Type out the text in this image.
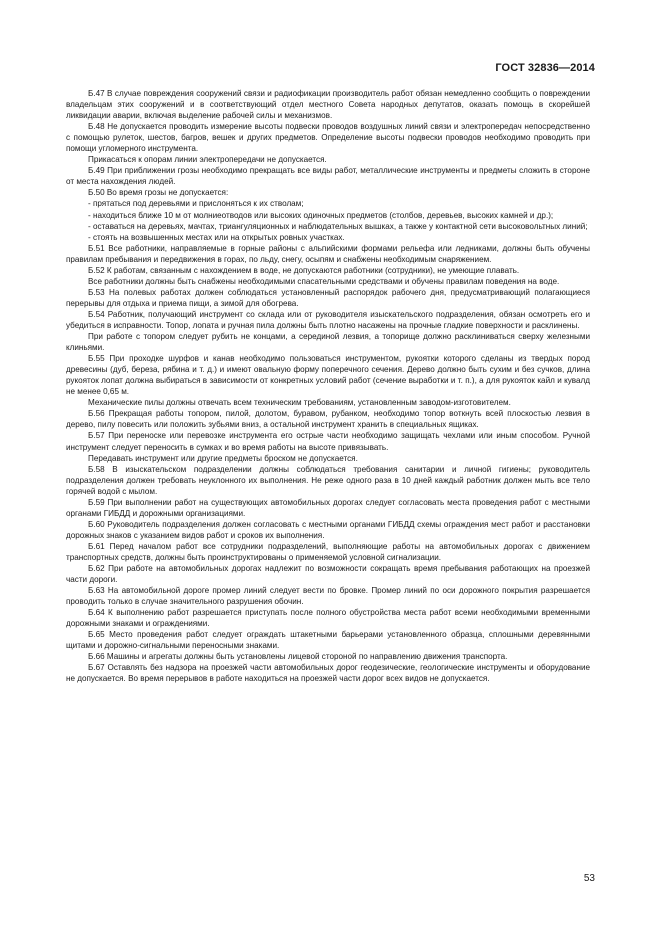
ГОСТ 32836—2014

Б.47 В случае повреждения сооружений связи и радиофикации производитель работ обязан немедленно сообщить о повреждении владельцам этих сооружений и в соответствующий отдел местного Совета народных депутатов, оказать помощь в скорейшей ликвидации аварии, включая выделение рабочей силы и механизмов.

Б.48 Не допускается проводить измерение высоты подвески проводов воздушных линий связи и электропередач непосредственно с помощью рулеток, шестов, багров, вешек и других предметов. Определение высоты подвески проводов необходимо проводить при помощи угломерного инструмента.

Прикасаться к опорам линии электропередачи не допускается.

Б.49 При приближении грозы необходимо прекращать все виды работ, металлические инструменты и предметы сложить в стороне от места нахождения людей.

Б.50 Во время грозы не допускается:

- прятаться под деревьями и прислоняться к их стволам;

- находиться ближе 10 м от молниеотводов или высоких одиночных предметов (столбов, деревьев, высоких камней и др.);

- оставаться на деревьях, мачтах, триангуляционных и наблюдательных вышках, а также у контактной сети высоковольтных линий;

- стоять на возвышенных местах или на открытых ровных участках.

Б.51 Все работники, направляемые в горные районы с альпийскими формами рельефа или ледниками, должны быть обучены правилам пребывания и передвижения в горах, по льду, снегу, осыпям и снабжены необходимым снаряжением.

Б.52 К работам, связанным с нахождением в воде, не допускаются работники (сотрудники), не умеющие плавать.

Все работники должны быть снабжены необходимыми спасательными средствами и обучены правилам поведения на воде.

Б.53 На полевых работах должен соблюдаться установленный распорядок рабочего дня, предусматривающий полагающиеся перерывы для отдыха и приема пищи, а зимой для обогрева.

Б.54 Работник, получающий инструмент со склада или от руководителя изыскательского подразделения, обязан осмотреть его и убедиться в исправности. Топор, лопата и ручная пила должны быть плотно насажены на прочные гладкие поверхности и расклинены.

При работе с топором следует рубить не концами, а серединой лезвия, а топорище должно расклиниваться сверху железными клиньями.

Б.55 При проходке шурфов и канав необходимо пользоваться инструментом, рукоятки которого сделаны из твердых пород древесины (дуб, береза, рябина и т. д.) и имеют овальную форму поперечного сечения. Дерево должно быть сухим и без сучков, длина рукояток лопат должна выбираться в зависимости от конкретных условий работ (сечение выработки и т. п.), а для рукояток кайл и кувалд не менее 0,65 м.

Механические пилы должны отвечать всем техническим требованиям, установленным заводом-изготовителем.

Б.56 Прекращая работы топором, пилой, долотом, буравом, рубанком, необходимо топор воткнуть всей плоскостью лезвия в дерево, пилу повесить или положить зубьями вниз, а остальной инструмент хранить в специальных ящиках.

Б.57 При переноске или перевозке инструмента его острые части необходимо защищать чехлами или иным способом. Ручной инструмент следует переносить в сумках и во время работы на высоте привязывать.

Передавать инструмент или другие предметы броском не допускается.

Б.58 В изыскательском подразделении должны соблюдаться требования санитарии и личной гигиены; руководитель подразделения должен требовать неуклонного их выполнения. Не реже одного раза в 10 дней каждый работник должен мыть все тело горячей водой с мылом.

Б.59 При выполнении работ на существующих автомобильных дорогах следует согласовать места проведения работ с местными органами ГИБДД и дорожными организациями.

Б.60 Руководитель подразделения должен согласовать с местными органами ГИБДД схемы ограждения мест работ и расстановки дорожных знаков с указанием видов работ и сроков их выполнения.

Б.61 Перед началом работ все сотрудники подразделений, выполняющие работы на автомобильных дорогах с движением транспортных средств, должны быть проинструктированы о применяемой условной сигнализации.

Б.62 При работе на автомобильных дорогах надлежит по возможности сокращать время пребывания работающих на проезжей части дороги.

Б.63 На автомобильной дороге промер линий следует вести по бровке. Промер линий по оси дорожного покрытия разрешается проводить только в случае значительного разрушения обочин.

Б.64 К выполнению работ разрешается приступать после полного обустройства места работ всеми необходимыми временными дорожными знаками и ограждениями.

Б.65 Место проведения работ следует ограждать штакетными барьерами установленного образца, сплошными деревянными щитами и дорожно-сигнальными переносными знаками.

Б.66 Машины и агрегаты должны быть установлены лицевой стороной по направлению движения транспорта.

Б.67 Оставлять без надзора на проезжей части автомобильных дорог геодезические, геологические инструменты и оборудование не допускается. Во время перерывов в работе находиться на проезжей части дорог всех видов не допускается.

53
